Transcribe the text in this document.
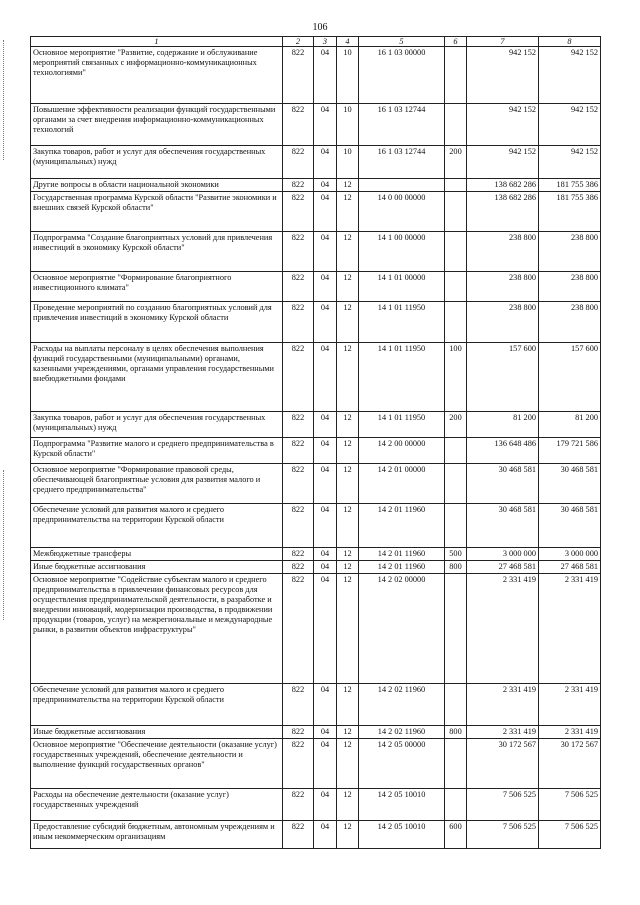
106
1	2	3	4	5	6	7	8
Основное мероприятие "Развитие, содержание и обслуживание мероприятий связанных с информационно-коммуникационных технологиями"	822	04	10	16 1 03 00000		942 152	942 152
Повышение эффективности реализации функций государственными органами за счет внедрения информационно-коммуникационных технологий	822	04	10	16 1 03 12744		942 152	942 152
Закупка товаров, работ и услуг для обеспечения государственных (муниципальных) нужд	822	04	10	16 1 03 12744	200	942 152	942 152
Другие вопросы в области национальной экономики	822	04	12			138 682 286	181 755 386
Государственная программа Курской области "Развитие экономики и внешних связей Курской области"	822	04	12	14 0 00 00000		138 682 286	181 755 386
Подпрограмма "Создание благоприятных условий для привлечения инвестиций в экономику Курской области"	822	04	12	14 1 00 00000		238 800	238 800
Основное мероприятие "Формирование благоприятного инвестиционного климата"	822	04	12	14 1 01 00000		238 800	238 800
Проведение мероприятий по созданию благоприятных условий для привлечения инвестиций в экономику Курской области	822	04	12	14 1 01 11950		238 800	238 800
Расходы на выплаты персоналу в целях обеспечения выполнения функций государственными (муниципальными) органами, казенными учреждениями, органами управления государственными внебюджетными фондами	822	04	12	14 1 01 11950	100	157 600	157 600
Закупка товаров, работ и услуг для обеспечения государственных (муниципальных) нужд	822	04	12	14 1 01 11950	200	81 200	81 200
Подпрограмма "Развитие малого и среднего предпринимательства в Курской области"	822	04	12	14 2 00 00000		136 648 486	179 721 586
Основное мероприятие "Формирование правовой среды, обеспечивающей благоприятные условия для развития малого и среднего предпринимательства"	822	04	12	14 2 01 00000		30 468 581	30 468 581
Обеспечение условий для развития малого и среднего предпринимательства на территории Курской области	822	04	12	14 2 01 11960		30 468 581	30 468 581
Межбюджетные трансферы	822	04	12	14 2 01 11960	500	3 000 000	3 000 000
Иные бюджетные ассигнования	822	04	12	14 2 01 11960	800	27 468 581	27 468 581
Основное мероприятие "Содействие субъектам малого и среднего предпринимательства в привлечении финансовых ресурсов для осуществления предпринимательской деятельности, в разработке и внедрении инноваций, модернизации производства, в продвижении продукции (товаров, услуг) на межрегиональные и международные рынки, в развитии объектов инфраструктуры"	822	04	12	14 2 02 00000		2 331 419	2 331 419
Обеспечение условий для развития малого и среднего предпринимательства на территории Курской области	822	04	12	14 2 02 11960		2 331 419	2 331 419
Иные бюджетные ассигнования	822	04	12	14 2 02 11960	800	2 331 419	2 331 419
Основное мероприятие "Обеспечение деятельности (оказание услуг) государственных учреждений, обеспечение деятельности и выполнение функций государственных органов"	822	04	12	14 2 05 00000		30 172 567	30 172 567
Расходы на обеспечение деятельности (оказание услуг) государственных учреждений	822	04	12	14 2 05 10010		7 506 525	7 506 525
Предоставление субсидий бюджетным, автономным учреждениям и иным некоммерческим организациям	822	04	12	14 2 05 10010	600	7 506 525	7 506 525
